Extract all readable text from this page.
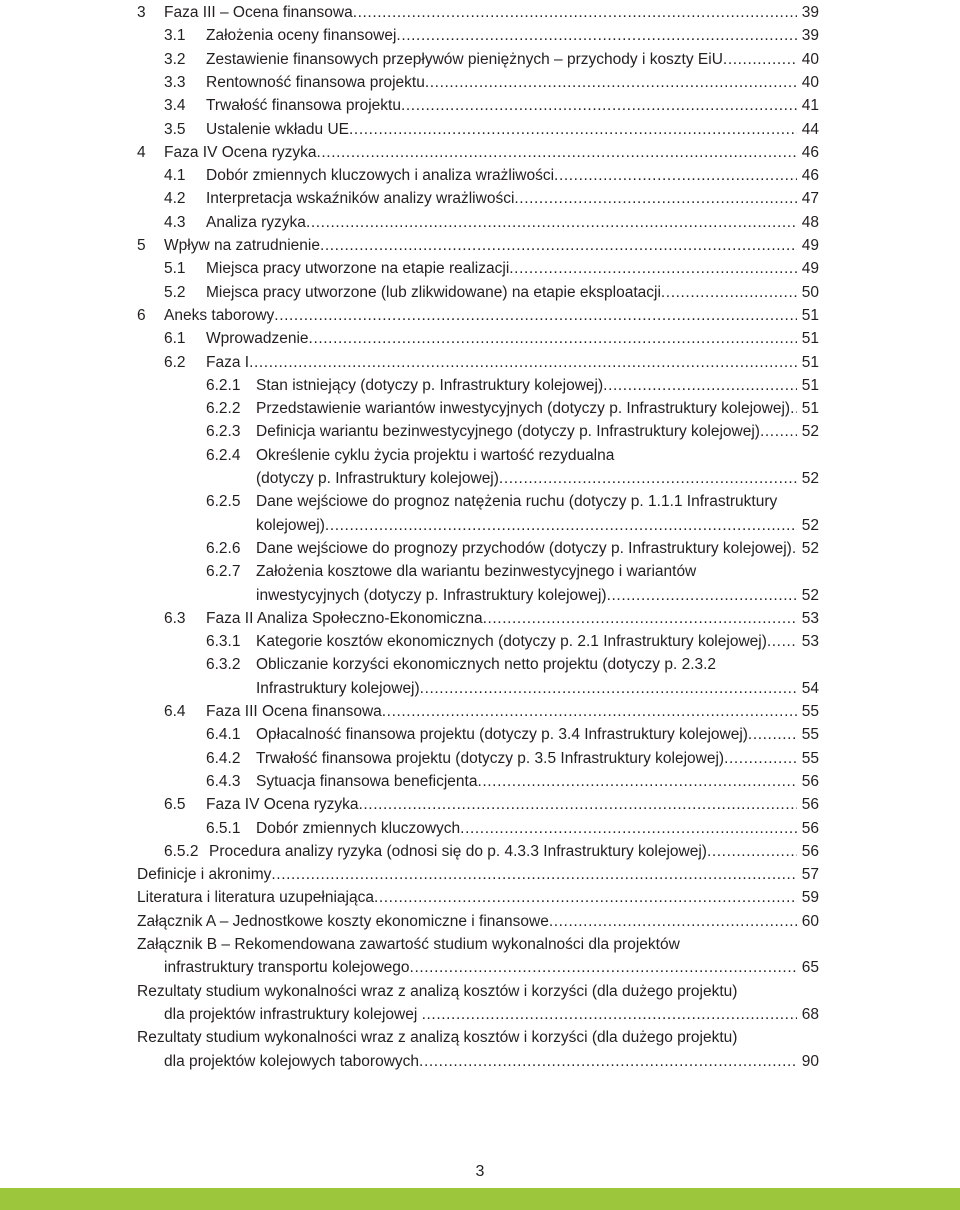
3 Faza III – Ocena finansowa .....	39
3.1 Założenia oceny finansowej .....	39
3.2 Zestawienie finansowych przepływów pieniężnych – przychody i koszty EiU .....	40
3.3 Rentowność finansowa projektu .....	40
3.4 Trwałość finansowa projektu .....	41
3.5 Ustalenie wkładu UE .....	44
4 Faza IV Ocena ryzyka .....	46
4.1 Dobór zmiennych kluczowych i analiza wrażliwości .....	46
4.2 Interpretacja wskaźników analizy wrażliwości .....	47
4.3 Analiza ryzyka .....	48
5 Wpływ na zatrudnienie .....	49
5.1 Miejsca pracy utworzone na etapie realizacji .....	49
5.2 Miejsca pracy utworzone (lub zlikwidowane) na etapie eksploatacji .....	50
6 Aneks taborowy .....	51
6.1 Wprowadzenie .....	51
6.2 Faza I .....	51
6.2.1 Stan istniejący (dotyczy p. Infrastruktury kolejowej) .....	51
6.2.2 Przedstawienie wariantów inwestycyjnych (dotyczy p. Infrastruktury kolejowej) ..... 51
6.2.3 Definicja wariantu bezinwestycyjnego (dotyczy p. Infrastruktury kolejowej) .....	52
6.2.4 Określenie cyklu życia projektu i wartość rezydualna
(dotyczy p. Infrastruktury kolejowej) .....	52
6.2.5 Dane wejściowe do prognoz natężenia ruchu (dotyczy p. 1.1.1 Infrastruktury
kolejowej) .....	52
6.2.6 Dane wejściowe do prognozy przychodów (dotyczy p. Infrastruktury kolejowej) ..... 52
6.2.7 Założenia kosztowe dla wariantu bezinwestycyjnego i wariantów
inwestycyjnych (dotyczy p. Infrastruktury kolejowej) .....	52
6.3 Faza II Analiza Społeczno-Ekonomiczna .....	53
6.3.1 Kategorie kosztów ekonomicznych (dotyczy p. 2.1 Infrastruktury kolejowej) .....	53
6.3.2 Obliczanie korzyści ekonomicznych netto projektu (dotyczy p. 2.3.2
Infrastruktury kolejowej) .....	54
6.4 Faza III Ocena finansowa .....	55
6.4.1 Opłacalność finansowa projektu (dotyczy p. 3.4 Infrastruktury kolejowej) .....	55
6.4.2 Trwałość finansowa projektu (dotyczy p. 3.5 Infrastruktury kolejowej) .....	55
6.4.3 Sytuacja finansowa beneficjenta .....	56
6.5 Faza IV Ocena ryzyka .....	56
6.5.1 Dobór zmiennych kluczowych .....	56
6.5.2 Procedura analizy ryzyka (odnosi się do p. 4.3.3 Infrastruktury kolejowej) .....	56
Definicje i akronimy .....	57
Literatura i literatura uzupełniająca .....	59
Załącznik A – Jednostkowe koszty ekonomiczne i finansowe .....	60
Załącznik B – Rekomendowana zawartość studium wykonalności dla projektów
infrastruktury transportu kolejowego .....	65
Rezultaty studium wykonalności wraz z analizą kosztów i korzyści (dla dużego projektu)
dla projektów infrastruktury kolejowej .....	68
Rezultaty studium wykonalności wraz z analizą kosztów i korzyści (dla dużego projektu)
dla projektów kolejowych taborowych .....	90
3
